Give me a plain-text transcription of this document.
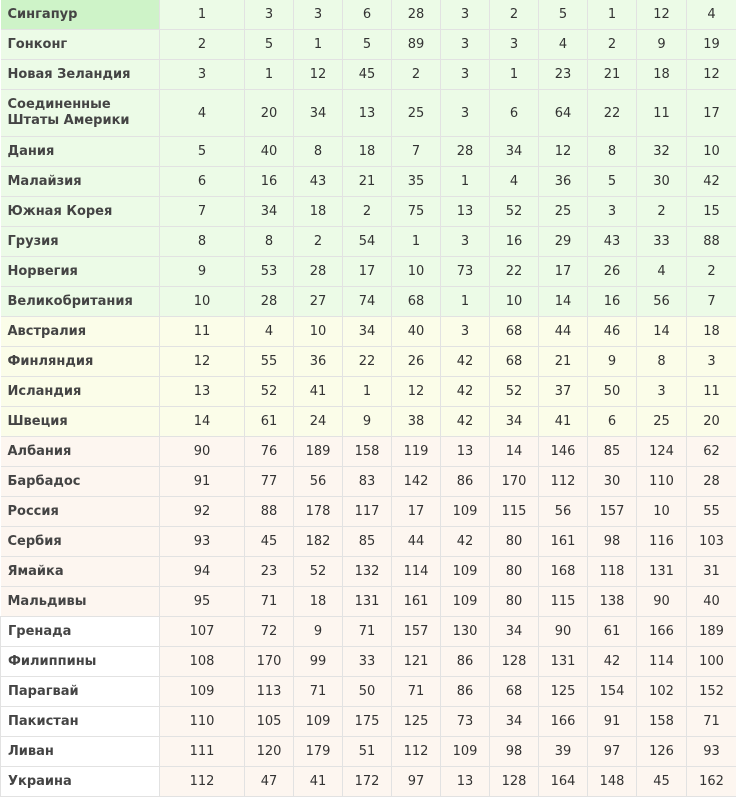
Сингапур	1	3	3	6	28	3	2	5	1	12	4
Гонконг	2	5	1	5	89	3	3	4	2	9	19
Новая Зеландия	3	1	12	45	2	3	1	23	21	18	12
Соединенные Штаты Америки	4	20	34	13	25	3	6	64	22	11	17
Дания	5	40	8	18	7	28	34	12	8	32	10
Малайзия	6	16	43	21	35	1	4	36	5	30	42
Южная Корея	7	34	18	2	75	13	52	25	3	2	15
Грузия	8	8	2	54	1	3	16	29	43	33	88
Норвегия	9	53	28	17	10	73	22	17	26	4	2
Великобритания	10	28	27	74	68	1	10	14	16	56	7
Австралия	11	4	10	34	40	3	68	44	46	14	18
Финляндия	12	55	36	22	26	42	68	21	9	8	3
Исландия	13	52	41	1	12	42	52	37	50	3	11
Швеция	14	61	24	9	38	42	34	41	6	25	20
Албания	90	76	189	158	119	13	14	146	85	124	62
Барбадос	91	77	56	83	142	86	170	112	30	110	28
Россия	92	88	178	117	17	109	115	56	157	10	55
Сербия	93	45	182	85	44	42	80	161	98	116	103
Ямайка	94	23	52	132	114	109	80	168	118	131	31
Мальдивы	95	71	18	131	161	109	80	115	138	90	40
Гренада	107	72	9	71	157	130	34	90	61	166	189
Филиппины	108	170	99	33	121	86	128	131	42	114	100
Парагвай	109	113	71	50	71	86	68	125	154	102	152
Пакистан	110	105	109	175	125	73	34	166	91	158	71
Ливан	111	120	179	51	112	109	98	39	97	126	93
Украина	112	47	41	172	97	13	128	164	148	45	162
